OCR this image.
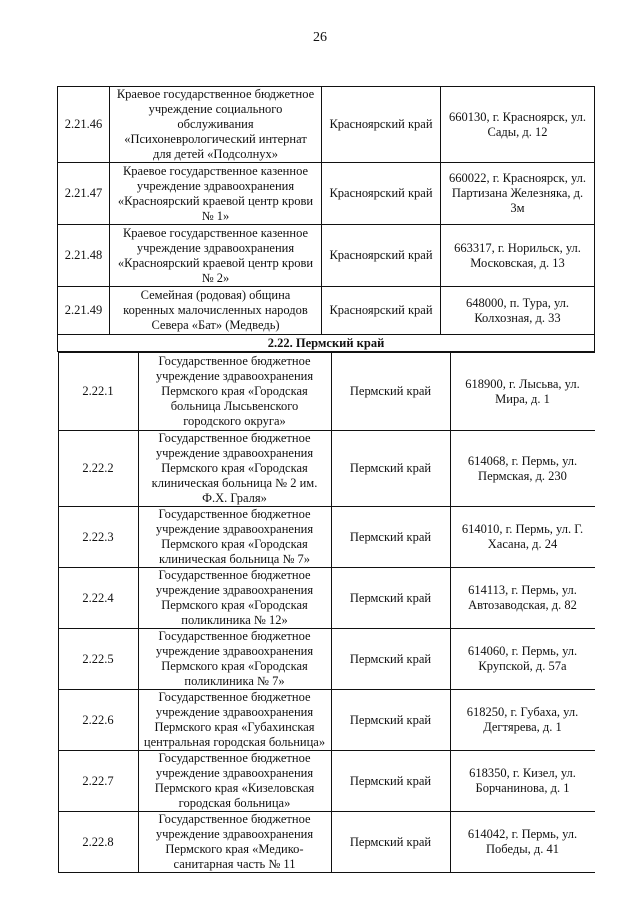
26
2.21.46	Краевое государственное бюджетное учреждение социального обслуживания «Психоневрологический интернат для детей «Подсолнух»	Красноярский край	660130, г. Красноярск, ул. Сады, д. 12
2.21.47	Краевое государственное казенное учреждение здравоохранения «Красноярский краевой центр крови № 1»	Красноярский край	660022, г. Красноярск, ул. Партизана Железняка, д. 3м
2.21.48	Краевое государственное казенное учреждение здравоохранения «Красноярский краевой центр крови № 2»	Красноярский край	663317, г. Норильск, ул. Московская, д. 13
2.21.49	Семейная (родовая) община коренных малочисленных народов Севера «Бат» (Медведь)	Красноярский край	648000, п. Тура, ул. Колхозная, д. 33
2.22. Пермский край

2.22.1	Государственное бюджетное учреждение здравоохранения Пермского края «Городская больница Лысьвенского городского округа»	Пермский край	618900, г. Лысьва, ул. Мира, д. 1
2.22.2	Государственное бюджетное учреждение здравоохранения Пермского края «Городская клиническая больница № 2 им. Ф.Х. Граля»	Пермский край	614068, г. Пермь, ул. Пермская, д. 230
2.22.3	Государственное бюджетное учреждение здравоохранения Пермского края «Городская клиническая больница № 7»	Пермский край	614010, г. Пермь, ул. Г. Хасана, д. 24
2.22.4	Государственное бюджетное учреждение здравоохранения Пермского края «Городская поликлиника № 12»	Пермский край	614113, г. Пермь, ул. Автозаводская, д. 82
2.22.5	Государственное бюджетное учреждение здравоохранения Пермского края «Городская поликлиника № 7»	Пермский край	614060, г. Пермь, ул. Крупской, д. 57а
2.22.6	Государственное бюджетное учреждение здравоохранения Пермского края «Губахинская центральная городская больница»	Пермский край	618250, г. Губаха, ул. Дегтярева, д. 1
2.22.7	Государственное бюджетное учреждение здравоохранения Пермского края «Кизеловская городская больница»	Пермский край	618350, г. Кизел, ул. Борчанинова, д. 1
2.22.8	Государственное бюджетное учреждение здравоохранения Пермского края «Медико-санитарная часть № 11	Пермский край	614042, г. Пермь, ул. Победы, д. 41
